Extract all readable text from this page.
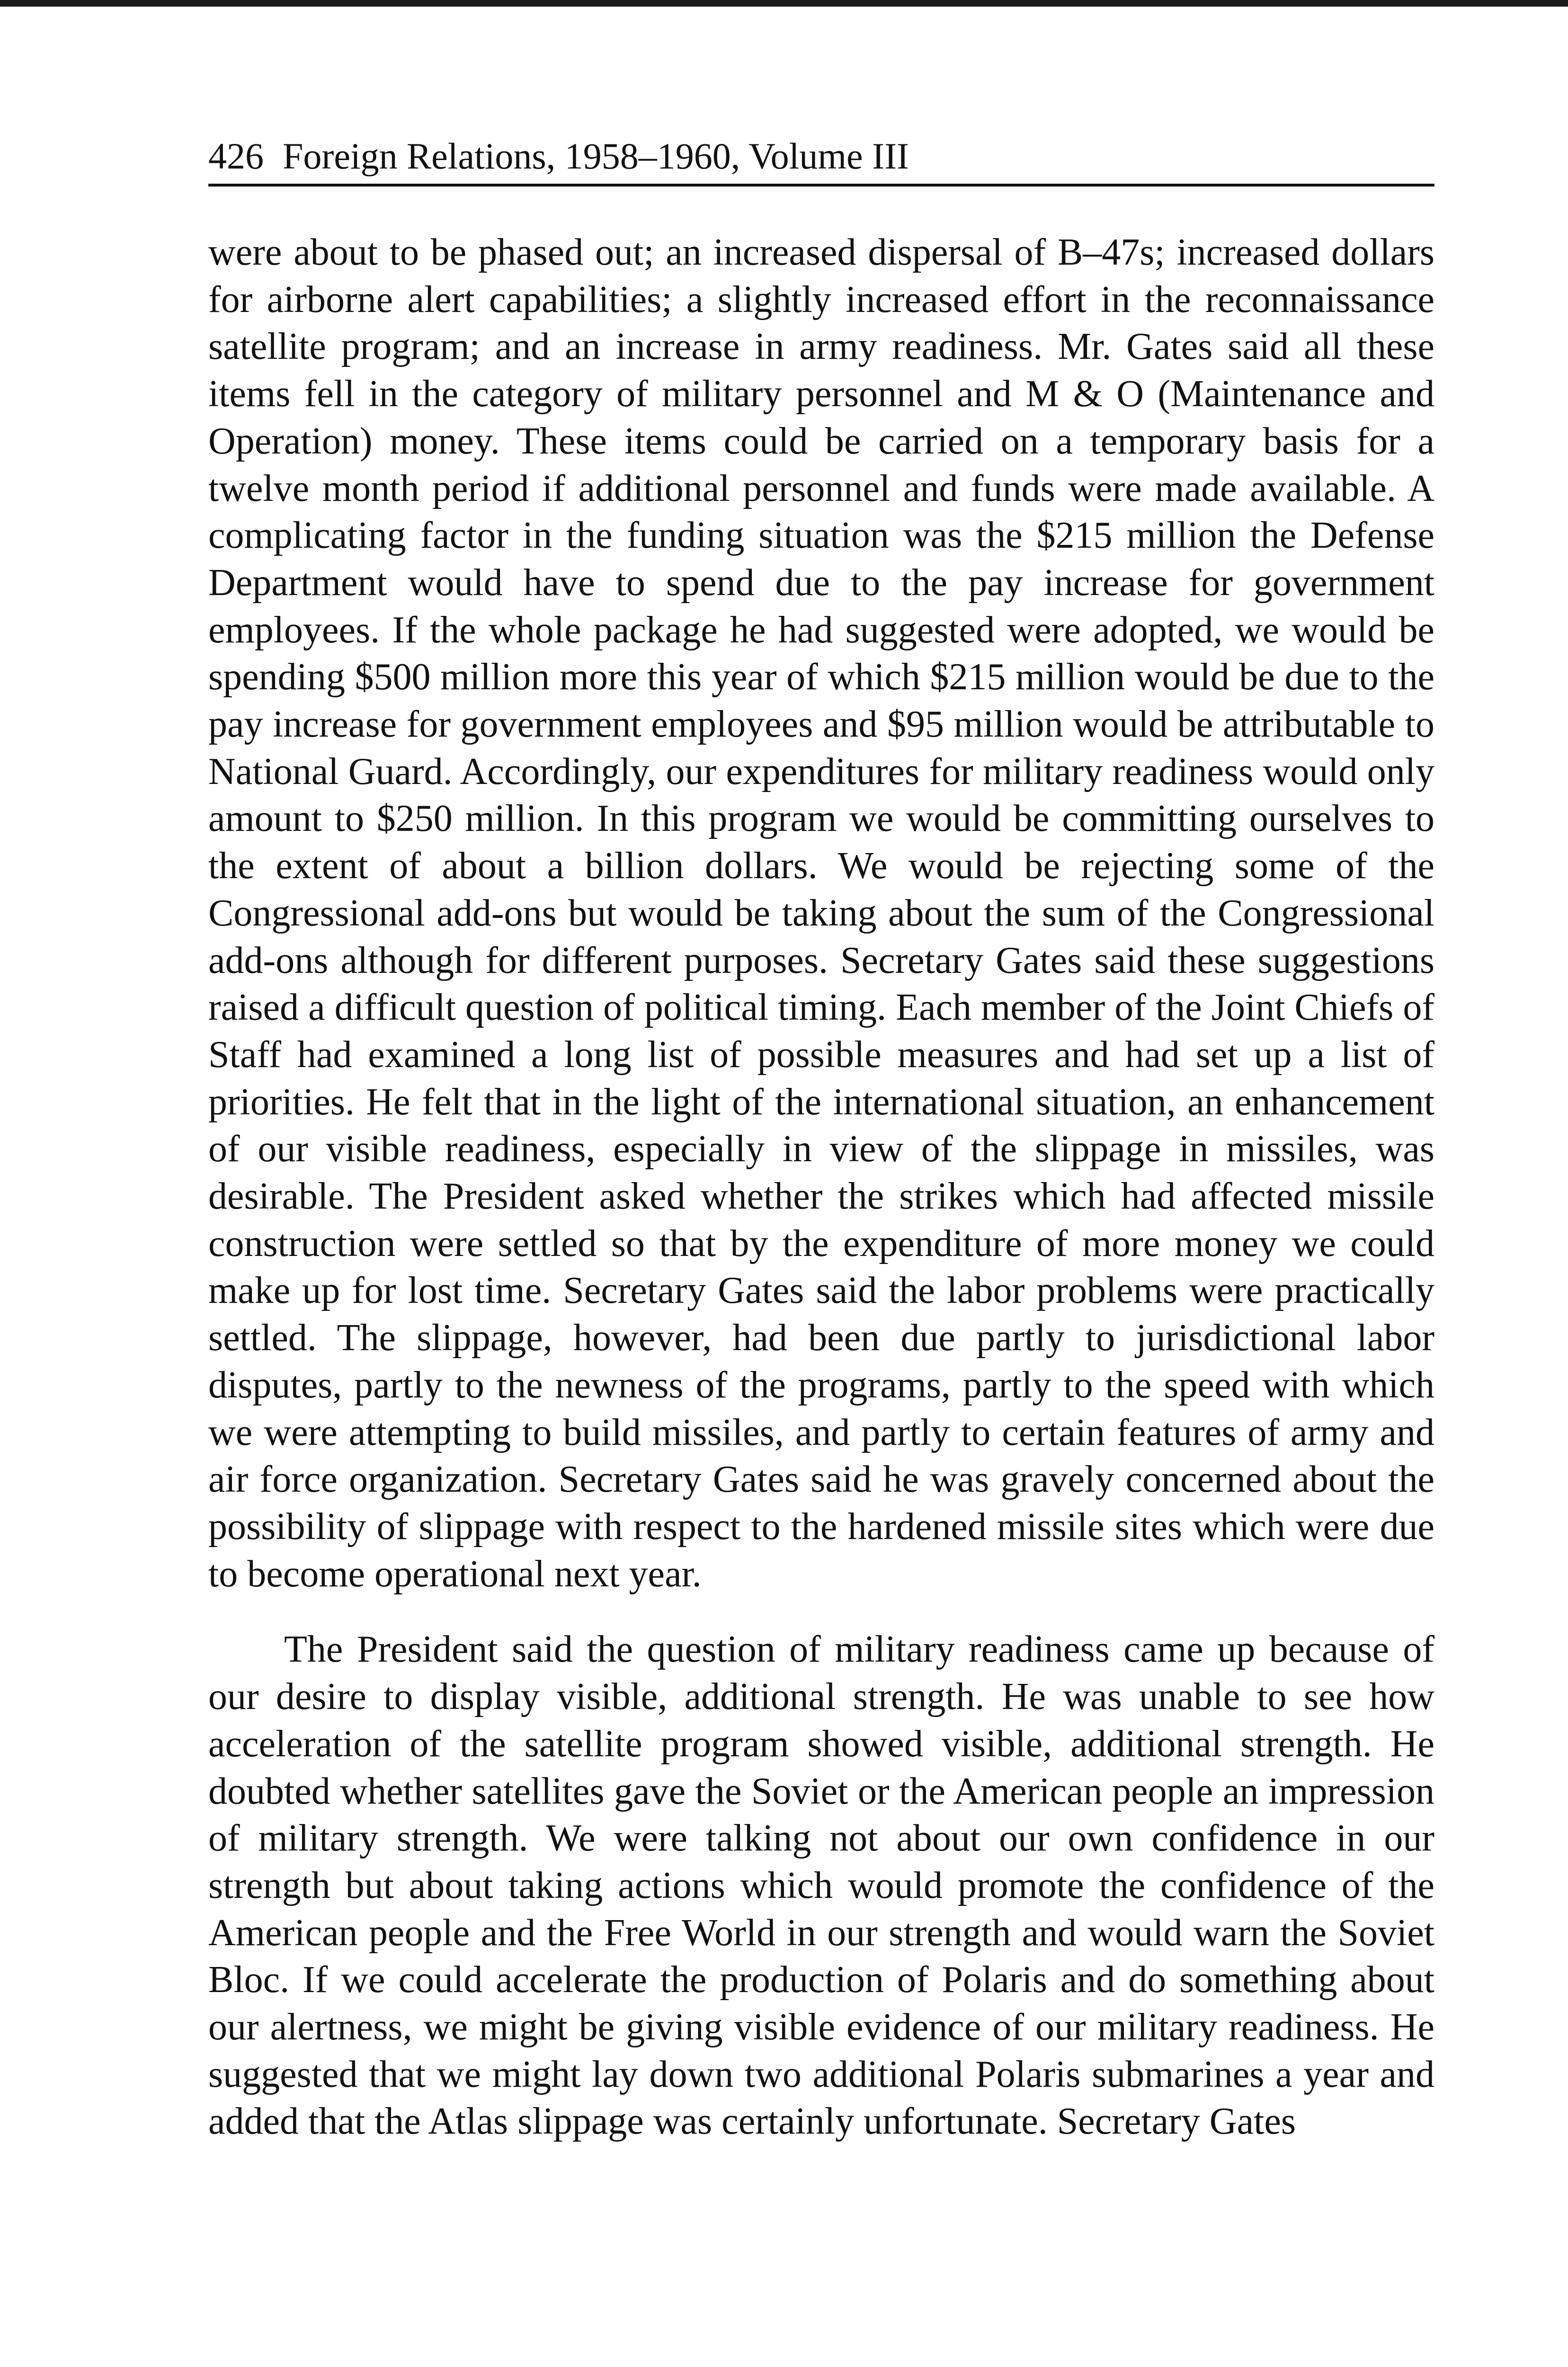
426 Foreign Relations, 1958–1960, Volume III

were about to be phased out; an increased dispersal of B–47s; increased dollars for airborne alert capabilities; a slightly increased effort in the reconnaissance satellite program; and an increase in army readiness. Mr. Gates said all these items fell in the category of military personnel and M & O (Maintenance and Operation) money. These items could be carried on a temporary basis for a twelve month period if additional personnel and funds were made available. A complicating factor in the funding situation was the $215 million the Defense Department would have to spend due to the pay increase for government employees. If the whole package he had suggested were adopted, we would be spending $500 million more this year of which $215 million would be due to the pay increase for government employees and $95 million would be attributable to National Guard. Accordingly, our expenditures for military readiness would only amount to $250 million. In this program we would be committing ourselves to the extent of about a billion dollars. We would be rejecting some of the Congressional add-ons but would be taking about the sum of the Congressional add-ons although for different purposes. Secretary Gates said these suggestions raised a difficult question of political timing. Each member of the Joint Chiefs of Staff had examined a long list of possible measures and had set up a list of priorities. He felt that in the light of the international situation, an enhancement of our visible readiness, especially in view of the slippage in missiles, was desirable. The President asked whether the strikes which had affected missile construction were settled so that by the expenditure of more money we could make up for lost time. Secretary Gates said the labor problems were practically settled. The slippage, however, had been due partly to jurisdictional labor disputes, partly to the newness of the programs, partly to the speed with which we were attempting to build missiles, and partly to certain features of army and air force organization. Secretary Gates said he was gravely concerned about the possibility of slippage with respect to the hardened missile sites which were due to become operational next year.

The President said the question of military readiness came up because of our desire to display visible, additional strength. He was unable to see how acceleration of the satellite program showed visible, additional strength. He doubted whether satellites gave the Soviet or the American people an impression of military strength. We were talking not about our own confidence in our strength but about taking actions which would promote the confidence of the American people and the Free World in our strength and would warn the Soviet Bloc. If we could accelerate the production of Polaris and do something about our alertness, we might be giving visible evidence of our military readiness. He suggested that we might lay down two additional Polaris submarines a year and added that the Atlas slippage was certainly unfortunate. Secretary Gates
